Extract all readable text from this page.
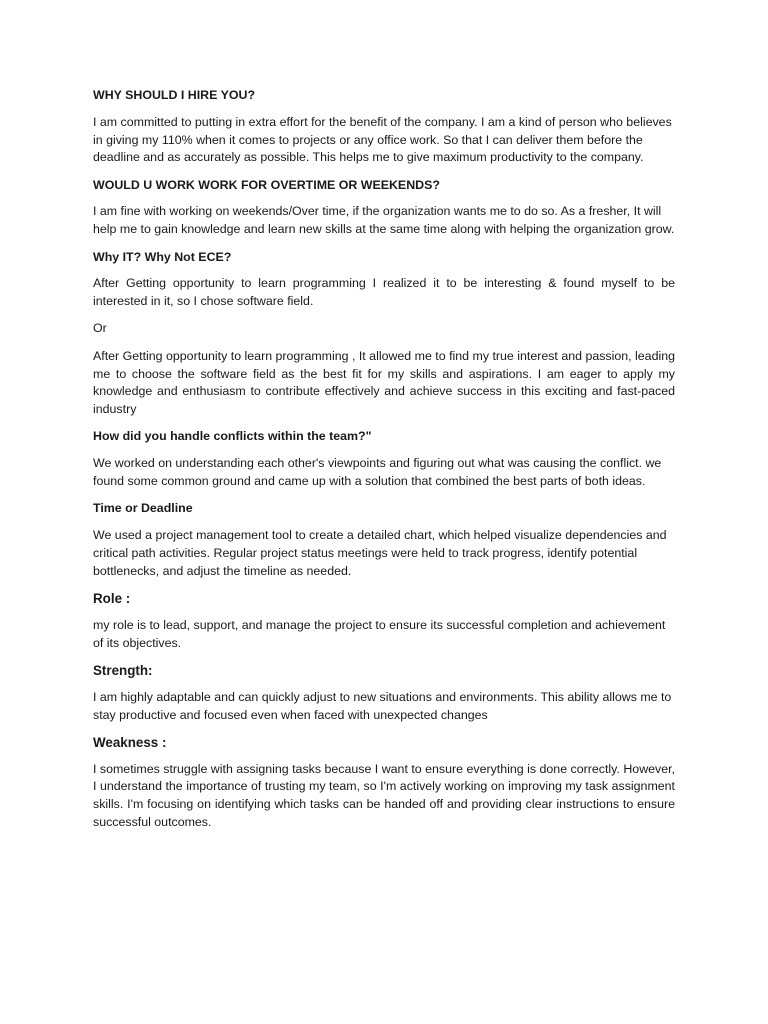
WHY SHOULD I HIRE YOU?
I am committed to putting in extra effort for the benefit of the company. I am a kind of person who believes in giving my 110% when it comes to projects or any office work. So that I can deliver them before the deadline and as accurately as possible. This helps me to give maximum productivity to the company.
WOULD U WORK WORK FOR OVERTIME OR WEEKENDS?
I am fine with working on weekends/Over time, if the organization wants me to do so. As a fresher, It will help me to gain knowledge and learn new skills at the same time along with helping the organization grow.
Why IT? Why Not ECE?
After Getting opportunity to learn programming I realized it to be interesting & found myself to be interested in it, so I chose software field.
Or
After Getting opportunity to learn programming , It allowed me to find my true interest and passion, leading me to choose the software field as the best fit for my skills and aspirations. I am eager to apply my knowledge and enthusiasm to contribute effectively and achieve success in this exciting and fast-paced industry
How did you handle conflicts within the team?"
We worked on understanding each other's viewpoints and figuring out what was causing the conflict. we found some common ground and came up with a solution that combined the best parts of both ideas.
Time or Deadline
We used a project management tool to create a detailed chart, which helped visualize dependencies and critical path activities. Regular project status meetings were held to track progress, identify potential bottlenecks, and adjust the timeline as needed.
Role :
my role is to lead, support, and manage the project to ensure its successful completion and achievement of its objectives.
Strength:
I am highly adaptable and can quickly adjust to new situations and environments. This ability allows me to stay productive and focused even when faced with unexpected changes
Weakness :
I sometimes struggle with assigning tasks because I want to ensure everything is done correctly. However, I understand the importance of trusting my team, so I'm actively working on improving my task assignment skills. I'm focusing on identifying which tasks can be handed off and providing clear instructions to ensure successful outcomes.
